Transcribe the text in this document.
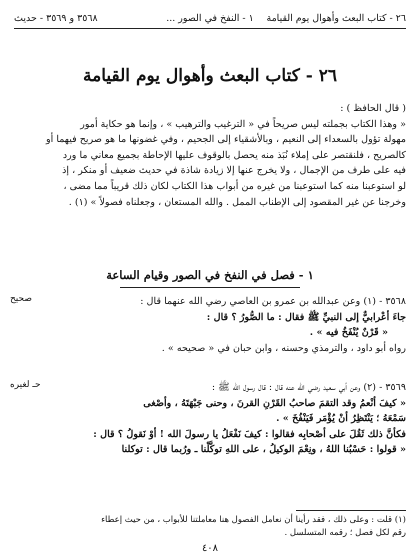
٢٦ - كتاب البعث وأهوال يوم القيامة
١ - النفخ في الصور ...
٣٥٦٨ و ٣٥٦٩ - حديث
٢٦ - كتاب البعث وأهوال يوم القيامة
( قال الحافظ ) :
« وهذا الكتاب بجملته ليس صريحاً في « الترغيب والترهيب » ، وإنما هو حكاية أمور
مهولة تؤول بالسعداء إلى النعيم ، وبالأشقياء إلى الجحيم ، وفي غضونها ما هو صريح فيهما أو
كالصريح ، فلنقتصر على إملاء نُبَذ منه يحصل بالوقوف عليها الإحاطة بجميع معاني ما ورد
فيه على طرف من الإجمال ، ولا يخرج عنها إلا زيادة شاذة في حديث ضعيف أو منكر ، إذ
لو استوعبنا منه كما استوعبنا من غيره من أبواب هذا الكتاب لكان ذلك قريباً مما مضى ،
وخرجنا عن غير المقصود إلى الإطناب الممل . والله المستعان ، وجعلناه فصولاً » (١) .
١ - فصل في النفخ في الصور وقيام الساعة
صحيح	٣٥٦٨ - (١) وعن عبدالله بن عمرو بن العاصي رضي الله عنهما قال :
جاءَ أعْرابيٌّ إلى النبيِّ ﷺ فقال : ما الصُّورُ ؟ قال :
« قَرْنٌ يُنْفَخُ فيه » .
رواه أبو داود ، والترمذي وحسنه ، وابن حبان في « صحيحه » .
حـ لغيره	٣٥٦٩ - (٢) وعن أبي سعيد رضي الله عنه قال : قال رسول الله ﷺ :
« كيفَ أنْعمُ وقد التقمَ صاحبُ القَرْنِ القرنَ ، وحنى جَبْهَتَهُ ، وأصْغى
سَمْعَهُ ؛ يَنْتَظِرُ أنْ يُؤْمَر فَيَنْفُخَ » .
فكأنَّ ذلك ثَقُلَ على أصْحابِه فقالوا : كيفَ نَفْعَلُ يا رسولَ الله ! أوْ نَقولُ ؟ قال :
« قولوا : حَسْبُنا اللهُ ، ونِعْمَ الوكيلُ ، على اللهِ توكَّلْنا ـ ورُبما قال : توكلنا
(١) قلت : وعلى ذلك ، فقد رأينا أن نعامل الفصول هنا معاملتنا للأبواب ، من حيث إعطاء
رقم لكل فصل ؛ رقمه المتسلسل .
٤٠٨
